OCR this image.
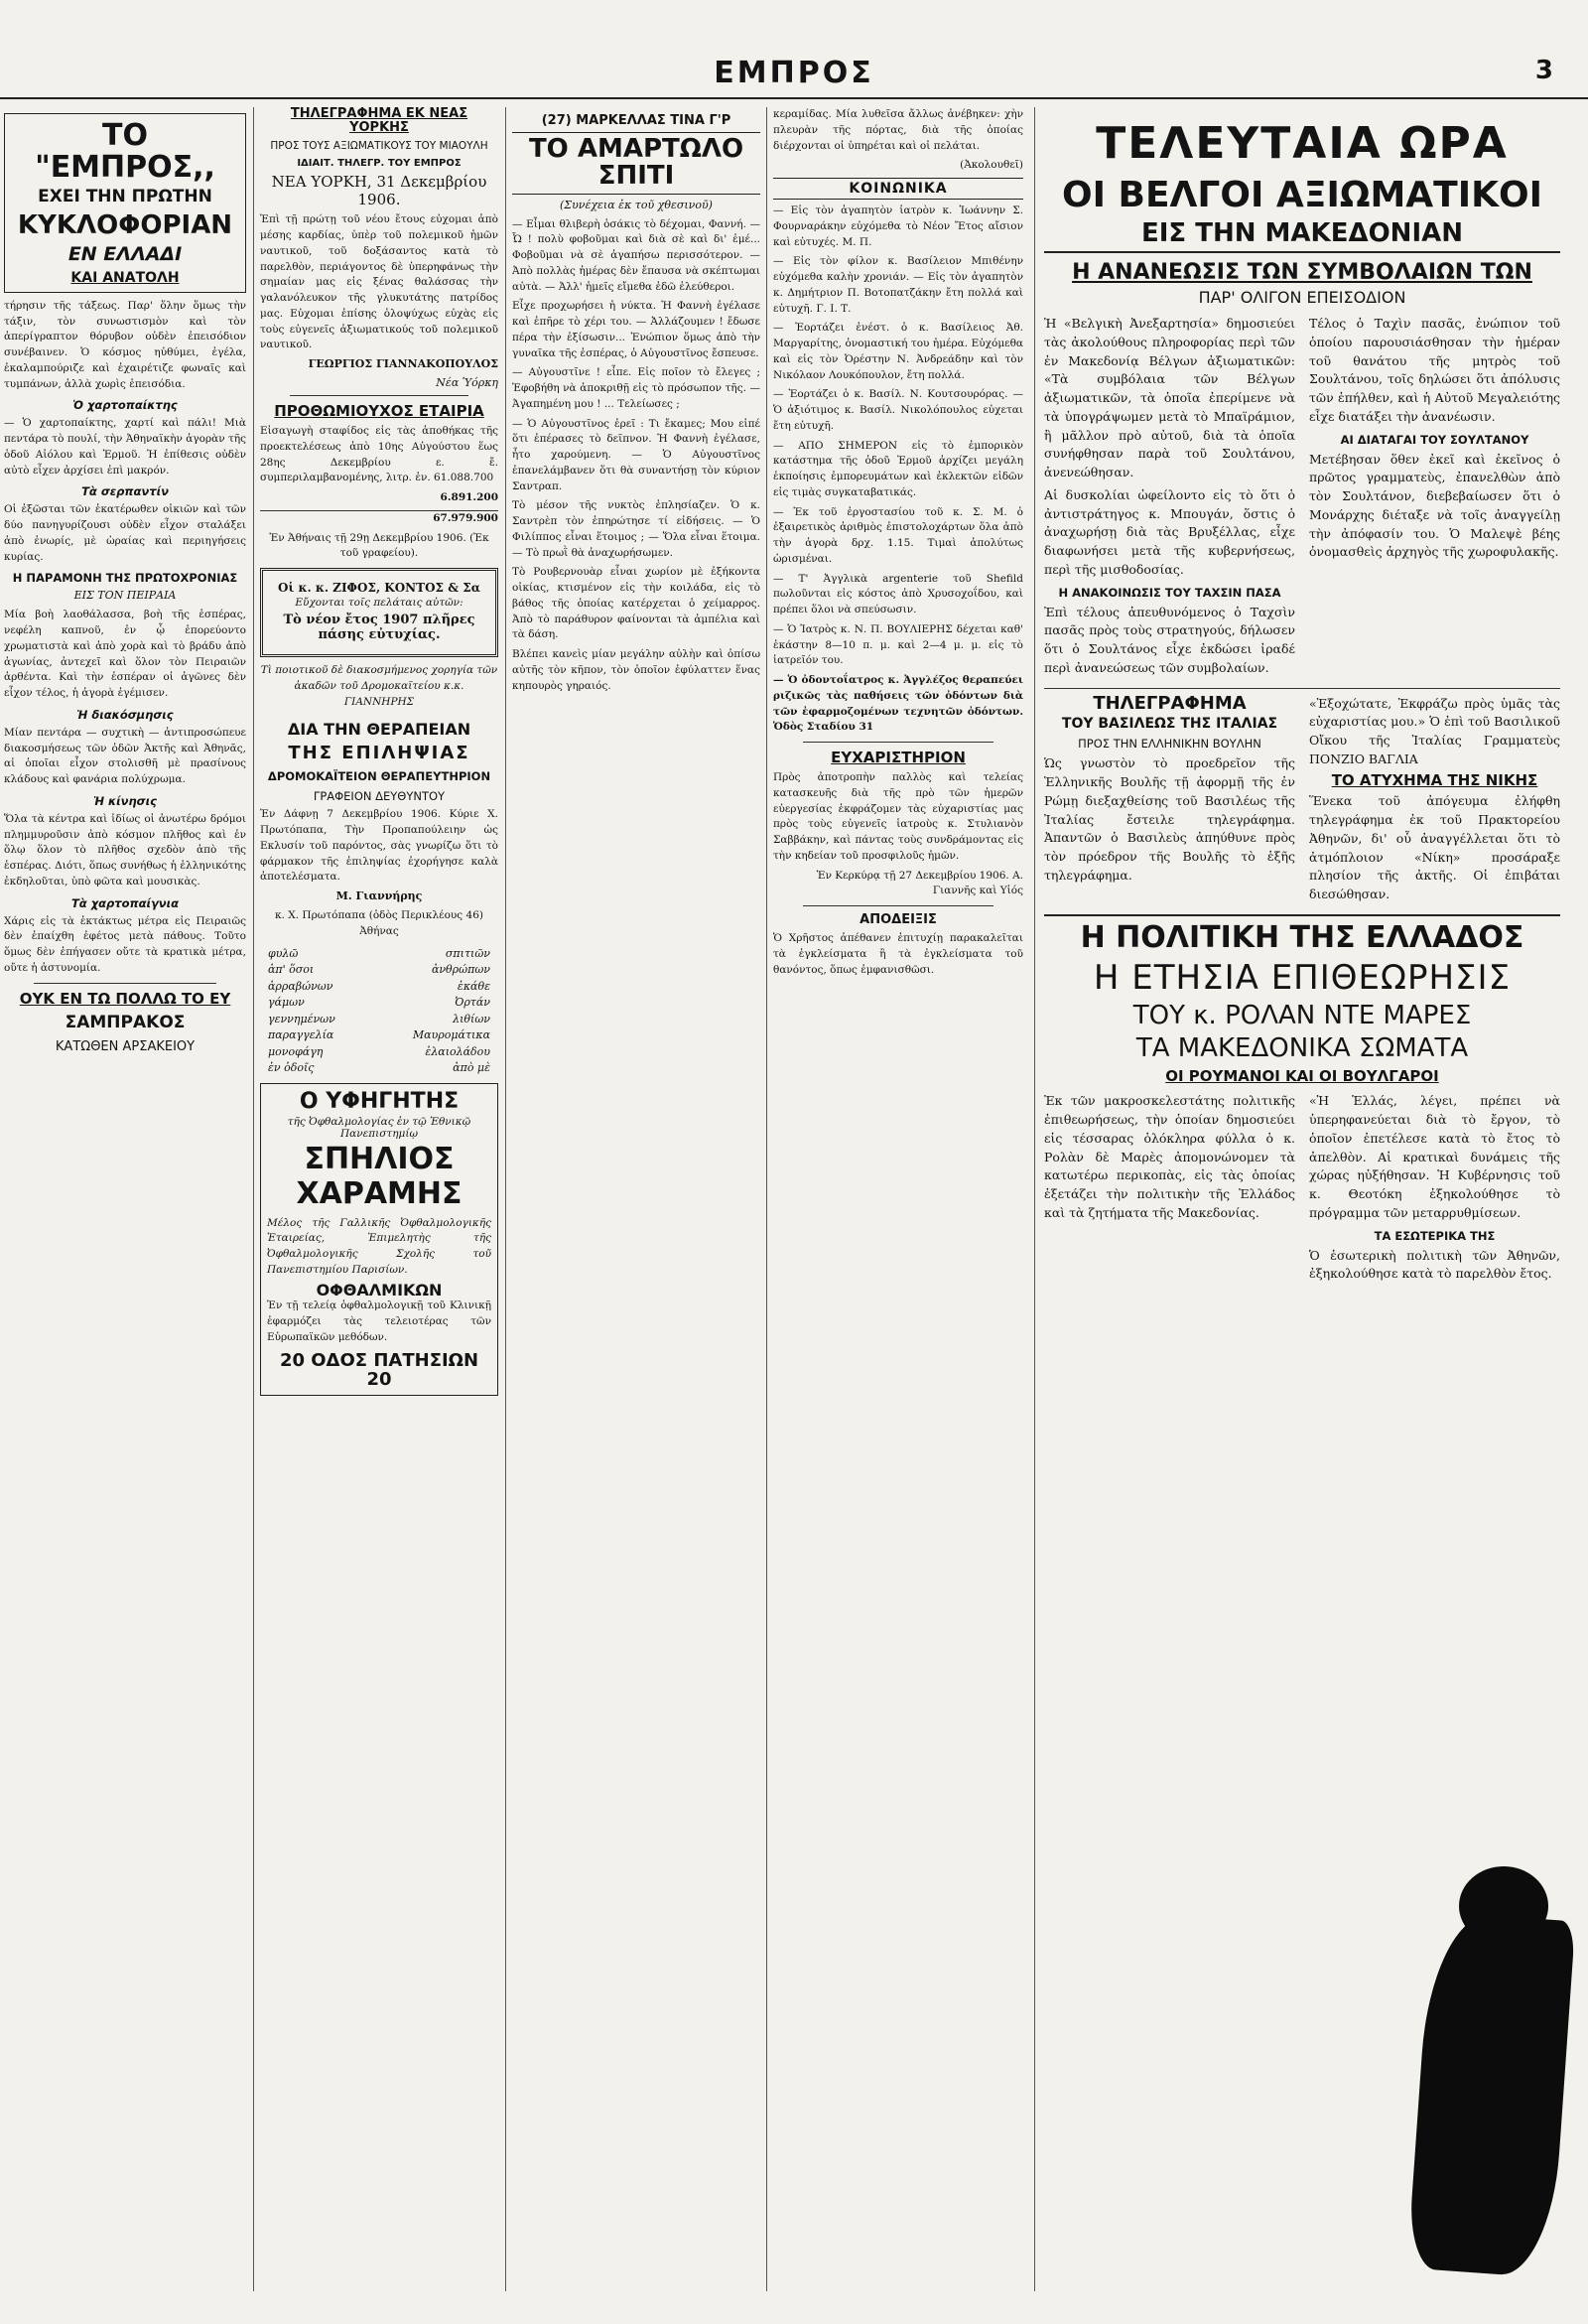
ΕΜΠΡΟΣ	3

ΤΟ "ΕΜΠΡΟΣ,,

ΕΧΕΙ ΤΗΝ ΠΡΩΤΗΝ

ΚΥΚΛΟΦΟΡΙΑΝ

ΕΝ ΕΛΛΑΔΙ

ΚΑΙ ΑΝΑΤΟΛΗ

τήρησιν τῆς τάξεως. Παρ' ὅλην ὅμως τὴν τάξιν, τὸν συνωστισμὸν καὶ τὸν ἀπερίγραπτον θόρυβον οὐδὲν ἐπεισόδιον συνέβαινεν. Ὁ κόσμος ηὐθύμει, ἐγέλα, ἐκαλαμπούριζε καὶ ἐχαιρέτιζε φωναῖς καὶ τυμπάνων, ἀλλὰ χωρὶς ἐπεισόδια.

Ὁ χαρτοπαίκτης

— Ὁ χαρτοπαίκτης, χαρτί καὶ πάλι! Μιὰ πεντάρα τὸ πουλί, τὴν Ἀθηναϊκὴν ἀγορὰν τῆς ὁδοῦ Αἰόλου καὶ Ἑρμοῦ. Ἡ ἐπίθεσις οὐδὲν αὐτὸ εἶχεν ἀρχίσει ἐπὶ μακρόν.

Τὰ σερπαντίν

Οἱ ἐξῶσται τῶν ἑκατέρωθεν οἰκιῶν καὶ τῶν δύο πανηγυρίζουσι οὐδὲν εἶχον σταλάξει ἀπὸ ἐνωρίς, μὲ ὡραίας καὶ περιηγήσεις κυρίας.

Η ΠΑΡΑΜΟΝΗ ΤΗΣ ΠΡΩΤΟΧΡΟΝΙΑΣ

ΕΙΣ ΤΟΝ ΠΕΙΡΑΙΑ

Μία βοὴ λαοθάλασσα, βοὴ τῆς ἑσπέρας, νεφέλη καπνοῦ, ἐν ᾧ ἐπορεύοντο χρωματιστὰ καὶ ἀπὸ χορὰ καὶ τὸ βράδυ ἀπὸ ἀγωνίας, ἀντεχεῖ καὶ ὅλον τὸν Πειραιῶν ἀρθέντα. Καὶ τὴν ἐσπέραν οἱ ἀγῶνες δὲν εἶχον τέλος, ἡ ἀγορὰ ἐγέμισεν.

Ἡ διακόσμησις

Μίαν πεντάρα — συχτικὴ — ἀντιπροσώπευε διακοσμήσεως τῶν ὁδῶν Ἀκτῆς καὶ Ἀθηνᾶς, αἱ ὁποῖαι εἶχον στολισθῆ μὲ πρασίνους κλάδους καὶ φανάρια πολύχρωμα.

Ἡ κίνησις

Ὅλα τὰ κέντρα καὶ ἰδίως οἱ ἀνωτέρω δρόμοι πλημμυροῦσιν ἀπὸ κόσμον πλῆθος καὶ ἐν ὅλῳ ὅλον τὸ πλῆθος σχεδὸν ἀπὸ τῆς ἑσπέρας. Διότι, ὅπως συνήθως ἡ ἑλληνικότης ἐκδηλοῦται, ὑπὸ φῶτα καὶ μουσικὰς.

Τὰ χαρτοπαίγνια

Χάρις εἰς τὰ ἐκτάκτως μέτρα εἰς Πειραιῶς δὲν ἐπαίχθη ἐφέτος μετὰ πάθους. Τοῦτο ὅμως δὲν ἐπήγασεν οὔτε τὰ κρατικὰ μέτρα, οὔτε ἡ ἀστυνομία.

ΟΥΚ ΕΝ ΤΩ ΠΟΛΛΩ ΤΟ ΕΥ

ΣΑΜΠΡΑΚΟΣ

ΚΑΤΩΘΕΝ ΑΡΣΑΚΕΙΟΥ

ΤΗΛΕΓΡΑΦΗΜΑ ΕΚ ΝΕΑΣ ΥΟΡΚΗΣ

ΠΡΟΣ ΤΟΥΣ ΑΞΙΩΜΑΤΙΚΟΥΣ ΤΟΥ ΜΙΑΟΥΛΗ

ΙΔΙΑΙΤ. ΤΗΛΕΓΡ. ΤΟΥ ΕΜΠΡΟΣ

ΝΕΑ ΥΟΡΚΗ, 31 Δεκεμβρίου 1906.

Ἐπὶ τῇ πρώτῃ τοῦ νέου ἔτους εὐχομαι ἀπὸ μέσης καρδίας, ὑπὲρ τοῦ πολεμικοῦ ἡμῶν ναυτικοῦ, τοῦ δοξάσαντος κατὰ τὸ παρελθὸν, περιάγοντος δὲ ὑπερηφάνως τὴν σημαίαν μας εἰς ξένας θαλάσσας τὴν γαλανόλευκον τῆς γλυκυτάτης πατρίδος μας. Εὐχομαι ἐπίσης ὁλοψύχως εὐχὰς εἰς τοὺς εὐγενεῖς ἀξιωματικούς τοῦ πολεμικοῦ ναυτικοῦ.

ΓΕΩΡΓΙΟΣ ΓΙΑΝΝΑΚΟΠΟΥΛΟΣ

Νέα Ὑόρκη

ΠΡΟΘΩΜΙΟΥΧΟΣ ΕΤΑΙΡΙΑ

Εἰσαγωγὴ σταφίδος εἰς τὰς ἀποθήκας τῆς προεκτελέσεως ἀπὸ 10ης Αὐγούστου ἕως 28ης Δεκεμβρίου ε. ἔ. συμπεριλαμβανομένης, λιτρ. ἐν. 61.088.700

6.891.200

67.979.900

Ἐν Ἀθήναις τῇ 29ῃ Δεκεμβρίου 1906. (Ἐκ τοῦ γραφείου).

Οἱ κ. κ. ΖΙΦΟΣ, ΚΟΝΤΟΣ & Σα

Εὔχονται τοῖς πελάταις αὐτῶν:

Τὸ νέον ἔτος 1907 πλῆρες πάσης εὐτυχίας.

Τὶ ποιοτικοῦ δὲ διακοσμήμενος χορηγία τῶν ἀκαδῶν τοῦ Δρομοκαϊτείου κ.κ. ΓΙΑΝΝΗΡΗΣ

ΔΙΑ ΤΗΝ ΘΕΡΑΠΕΙΑΝ

ΤΗΣ ΕΠΙΛΗΨΙΑΣ

ΔΡΟΜΟΚΑΪΤΕΙΟΝ ΘΕΡΑΠΕΥΤΗΡΙΟΝ

ΓΡΑΦΕΙΟΝ ΔΕΥΘΥΝΤΟΥ

Ἐν Δάφνῃ 7 Δεκεμβρίου 1906. Κύριε Χ. Πρωτόπαπα, Τὴν Προπαπούλειην ὡς Εκλυσίν τοῦ παρόντος, σὰς γνωρίζω ὅτι τὸ φάρμακον τῆς ἐπιληψίας ἐχορήγησε καλὰ ἀποτελέσματα.

Μ. Γιαννήρης

κ. Χ. Πρωτόπαπα (ὁδὸς Περικλέους 46) Ἀθήνας

φυλῶ	σπιτιῶν
ἀπ' ὅσοι	ἀνθρώπων
ἀρραβώνων	ἐκάθε
γάμων	Ὀρτάν
γεννημένων	λιθίων
παραγγελία	Μαυρομάτικα
μονοφάγη	ἐλαιολάδου
ἐν ὁδοῖς	ἀπὸ μὲ

Ο ΥΦΗΓΗΤΗΣ

τῆς Ὀφθαλμολογίας ἐν τῷ Ἐθνικῷ Πανεπιστημίῳ

ΣΠΗΛΙΟΣ

ΧΑΡΑΜΗΣ

Μέλος τῆς Γαλλικῆς Ὀφθαλμολογικῆς Ἑταιρείας, Ἐπιμελητὴς τῆς Ὀφθαλμολογικῆς Σχολῆς τοῦ Πανεπιστημίου Παρισίων.

ΟΦΘΑΛΜΙΚΩΝ

Ἐν τῇ τελείᾳ ὀφθαλμολογικῇ τοῦ Κλινικῇ ἐφαρμόζει τὰς τελειοτέρας τῶν Εὐρωπαϊκῶν μεθόδων.

20 ΟΔΟΣ ΠΑΤΗΣΙΩΝ 20

(27) ΜΑΡΚΕΛΛΑΣ ΤΙΝΑ Γ'Ρ

ΤΟ ΑΜΑΡΤΩΛΟ ΣΠΙΤΙ

(Συνέχεια ἐκ τοῦ χθεσινοῦ)

— Εἶμαι θλιβερὴ ὁσάκις τὸ δέχομαι, Φαννή. — Ὦ ! πολὺ φοβοῦμαι καὶ διὰ σὲ καὶ δι' ἐμέ... Φοβοῦμαι νὰ σὲ ἀγαπήσω περισσότερον. — Ἀπὸ πολλὰς ἡμέρας δὲν ἔπαυσα νὰ σκέπτωμαι αὐτὰ. — Ἀλλ' ἡμεῖς εἴμεθα ἐδῶ ἐλεύθεροι.

Εἶχε προχωρήσει ἡ νύκτα. Ἡ Φαννὴ ἐγέλασε καὶ ἐπῆρε τὸ χέρι του. — Ἀλλάζουμεν ! ἔδωσε πέρα τὴν ἐξίσωσιν... Ἐνώπιον ὅμως ἀπὸ τὴν γυναῖκα τῆς ἐσπέρας, ὁ Αὐγουστῖνος ἔσπευσε.

— Αὐγουστῖνε ! εἶπε. Εἰς ποῖον τὸ ἔλεγες ; Ἐφοβήθη νὰ ἀποκριθῇ εἰς τὸ πρόσωπον τῆς. — Ἀγαπημένη μου ! ... Τελείωσες ;

— Ὁ Αὐγουστῖνος ἐρεῖ : Τι ἔκαμες; Μου εἰπέ ὅτι ἐπέρασες τὸ δεῖπνον. Ἡ Φαννὴ ἐγέλασε, ἦτο χαρούμενη. — Ὁ Αὐγουστῖνος ἐπανελάμβανεν ὅτι θὰ συναντήσῃ τὸν κύριον Σαντραπ.

Τὸ μέσον τῆς νυκτὸς ἐπλησίαζεν. Ὁ κ. Σαντρὲπ τὸν ἐπηρώτησε τί εἰδήσεις. — Ὁ Φιλίππος εἶναι ἕτοιμος ; — Ὅλα εἶναι ἕτοιμα. — Τὸ πρωῒ θὰ ἀναχωρήσωμεν.

Τὸ Ρουβερνουὰρ εἶναι χωρίον μὲ ἐξήκοντα οἰκίας, κτισμένον εἰς τὴν κοιλάδα, εἰς τὸ βάθος τῆς ὁποίας κατέρχεται ὁ χείμαρρος. Ἀπὸ τὸ παράθυρον φαίνονται τὰ ἀμπέλια καὶ τὰ δάση.

Βλέπει κανεὶς μίαν μεγάλην αὐλὴν καὶ ὀπίσω αὐτῆς τὸν κῆπον, τὸν ὁποῖον ἐφύλαττεν ἕνας κηπουρὸς γηραιός.

κεραμίδας. Μία λυθεῖσα ἄλλως ἀνέβηκεν: χὴν πλευρὰν τῆς πόρτας, διὰ τῆς ὁποίας διέρχονται οἱ ὑπηρέται καὶ οἱ πελάται.

(Ἀκολουθεῖ)

ΚΟΙΝΩΝΙΚΑ

— Εἰς τὸν ἀγαπητὸν ἰατρὸν κ. Ἰωάννην Σ. Φουρναράκην εὐχόμεθα τὸ Νέον Ἔτος αἴσιον καὶ εὐτυχές. Μ. Π.

— Εἰς τὸν φίλον κ. Βασίλειον Μπιθένην εὐχόμεθα καλὴν χρονιάν. — Εἰς τὸν ἀγαπητὸν κ. Δημήτριον Π. Βοτοπατζάκην ἔτη πολλά καὶ εὐτυχῆ. Γ. Ι. Τ.

— Ἑορτάζει ἐνέστ. ὁ κ. Βασίλειος Ἀθ. Μαργαρίτης, ὀνομαστική του ἡμέρα. Εὐχόμεθα καὶ εἰς τὸν Ὀρέστην Ν. Ἀνδρεάδην καὶ τὸν Νικόλαον Λουκόπουλον, ἔτη πολλά.

— Ἑορτάζει ὁ κ. Βασίλ. Ν. Κουτσουρόρας. — Ὁ ἀξιότιμος κ. Βασίλ. Νικολόπουλος εὐχεται ἔτη εὐτυχῆ.

— ΑΠΟ ΣΗΜΕΡΟΝ εἰς τὸ ἐμπορικὸν κατάστημα τῆς ὁδοῦ Ἑρμοῦ ἀρχίζει μεγάλη ἐκποίησις ἐμπορευμάτων καὶ ἐκλεκτῶν εἰδῶν εἰς τιμὰς συγκαταβατικάς.

— Ἐκ τοῦ ἐργοστασίου τοῦ κ. Σ. Μ. ὁ ἐξαιρετικὸς ἀριθμὸς ἐπιστολοχάρτων ὅλα ἀπὸ τὴν ἀγορὰ δρχ. 1.15. Τιμαὶ ἀπολύτως ὡρισμέναι.

— Τ' Ἀγγλικὰ argenterie τοῦ Shefild πωλοῦνται εἰς κόστος ἀπὸ Χρυσοχοΐδου, καὶ πρέπει ὅλοι νὰ σπεύσωσιν.

— Ὁ Ἰατρὸς κ. Ν. Π. ΒΟΥΛΙΕΡΗΣ δέχεται καθ' ἑκάστην 8—10 π. μ. καὶ 2—4 μ. μ. εἰς τὸ ἰατρεῖόν του.

— Ὁ ὀδοντοΐατρος κ. Ἀγγλέζος θεραπεύει ριζικῶς τὰς παθήσεις τῶν ὀδόντων διὰ τῶν ἐφαρμοζομένων τεχνητῶν ὀδόντων. Ὁδὸς Σταδίου 31

ΕΥΧΑΡΙΣΤΗΡΙΟΝ

Πρὸς ἀποτροπὴν παλλὸς καὶ τελείας κατασκευῆς διὰ τῆς πρὸ τῶν ἡμερῶν εὐεργεσίας ἐκφράζομεν τὰς εὐχαριστίας μας πρὸς τοὺς εὐγενεῖς ἱατροὺς κ. Στυλιανὸν Σαββάκην, καὶ πάντας τοὺς συνδράμοντας εἰς τὴν κηδείαν τοῦ προσφιλοῦς ἡμῶν.

Ἐν Κερκύρᾳ τῇ 27 Δεκεμβρίου 1906. Α. Γιαννῆς καὶ Υἱός

ΑΠΟΔΕΙΞΙΣ

Ὁ Χρῆστος ἀπέθανεν ἐπιτυχίῃ παρακαλεῖται τὰ ἐγκλείσματα ἢ τὰ ἐγκλείσματα τοῦ θανόντος, ὅπως ἐμφανισθῶσι.

ΤΕΛΕΥΤΑΙΑ ΩΡΑ

ΟΙ ΒΕΛΓΟΙ ΑΞΙΩΜΑΤΙΚΟΙ

ΕΙΣ ΤΗΝ ΜΑΚΕΔΟΝΙΑΝ

Η ΑΝΑΝΕΩΣΙΣ ΤΩΝ ΣΥΜΒΟΛΑΙΩΝ ΤΩΝ

ΠΑΡ' ΟΛΙΓΟΝ ΕΠΕΙΣΟΔΙΟΝ

Ἡ «Βελγικὴ Ἀνεξαρτησία» δημοσιεύει τὰς ἀκολούθους πληροφορίας περὶ τῶν ἐν Μακεδονίᾳ Βέλγων ἀξιωματικῶν: «Τὰ συμβόλαια τῶν Βέλγων ἀξιωματικῶν, τὰ ὁποῖα ἐπερίμενε νὰ τὰ ὑπογράψωμεν μετὰ τὸ Μπαϊράμιον, ἢ μᾶλλον πρὸ αὐτοῦ, διὰ τὰ ὁποῖα συνήφθησαν παρὰ τοῦ Σουλτάνου, ἀνενεώθησαν.

Αἱ δυσκολίαι ὠφείλοντο εἰς τὸ ὅτι ὁ ἀντιστράτηγος κ. Μπουγάν, ὅστις ὁ ἀναχωρήσῃ διὰ τὰς Βρυξέλλας, εἶχε διαφωνήσει μετὰ τῆς κυβερνήσεως, περὶ τῆς μισθοδοσίας.

Η ΑΝΑΚΟΙΝΩΣΙΣ ΤΟΥ ΤΑΧΣΙΝ ΠΑΣΑ

Ἐπὶ τέλους ἀπευθυνόμενος ὁ Ταχσὶν πασᾶς πρὸς τοὺς στρατηγούς, δήλωσεν ὅτι ὁ Σουλτάνος εἶχε ἐκδώσει ἰραδέ περὶ ἀνανεώσεως τῶν συμβολαίων.

Τέλος ὁ Ταχὶν πασᾶς, ἐνώπιον τοῦ ὁποίου παρουσιάσθησαν τὴν ἡμέραν τοῦ θανάτου τῆς μητρὸς τοῦ Σουλτάνου, τοῖς δηλώσει ὅτι ἀπόλυσις τῶν ἐπήλθεν, καὶ ἡ Αὐτοῦ Μεγαλειότης εἶχε διατάξει τὴν ἀνανέωσιν.

ΑΙ ΔΙΑΤΑΓΑΙ ΤΟΥ ΣΟΥΛΤΑΝΟΥ

Μετέβησαν ὅθεν ἐκεῖ καὶ ἐκεῖνος ὁ πρῶτος γραμματεὺς, ἐπανελθὼν ἀπὸ τὸν Σουλτάνον, διεβεβαίωσεν ὅτι ὁ Μονάρχης διέταξε νὰ τοῖς ἀναγγείλῃ τὴν ἀπόφασίν του. Ὁ Μαλεψὲ βέης ὀνομασθεὶς ἀρχηγὸς τῆς χωροφυλακῆς.

ΤΗΛΕΓΡΑΦΗΜΑ

ΤΟΥ ΒΑΣΙΛΕΩΣ ΤΗΣ ΙΤΑΛΙΑΣ

ΠΡΟΣ ΤΗΝ ΕΛΛΗΝΙΚΗΝ ΒΟΥΛΗΝ

Ὡς γνωστὸν τὸ προεδρεῖον τῆς Ἑλληνικῆς Βουλῆς τῇ ἀφορμῇ τῆς ἐν Ρώμῃ διεξαχθείσης τοῦ Βασιλέως τῆς Ἰταλίας ἔστειλε τηλεγράφημα. Ἀπαντῶν ὁ Βασιλεὺς ἀπηύθυνε πρὸς τὸν πρόεδρον τῆς Βουλῆς τὸ ἑξῆς τηλεγράφημα.

«Ἐξοχώτατε, Ἐκφράζω πρὸς ὑμᾶς τὰς εὐχαριστίας μου.» Ὁ ἐπὶ τοῦ Βασιλικοῦ Οἴκου τῆς Ἰταλίας Γραμματεὺς ΠΟΝΖΙΟ ΒΑΓΛΙΑ

ΤΟ ΑΤΥΧΗΜΑ ΤΗΣ ΝΙΚΗΣ

Ἕνεκα τοῦ ἀπόγευμα ἐλήφθη τηλεγράφημα ἐκ τοῦ Πρακτορείου Ἀθηνῶν, δι' οὗ ἀναγγέλλεται ὅτι τὸ ἀτμόπλοιον «Νίκη» προσάραξε πλησίον τῆς ἀκτῆς. Οἱ ἐπιβάται διεσώθησαν.

Η ΠΟΛΙΤΙΚΗ ΤΗΣ ΕΛΛΑΔΟΣ

Η ΕΤΗΣΙΑ ΕΠΙΘΕΩΡΗΣΙΣ

ΤΟΥ κ. ΡΟΛΑΝ ΝΤΕ ΜΑΡΕΣ

ΤΑ ΜΑΚΕΔΟΝΙΚΑ ΣΩΜΑΤΑ

ΟΙ ΡΟΥΜΑΝΟΙ ΚΑΙ ΟΙ ΒΟΥΛΓΑΡΟΙ

Ἐκ τῶν μακροσκελεστάτης πολιτικῆς ἐπιθεωρήσεως, τὴν ὁποίαν δημοσιεύει εἰς τέσσαρας ὁλόκληρα φύλλα ὁ κ. Ρολὰν δὲ Μαρὲς ἀπομονώνομεν τὰ κατωτέρω περικοπὰς, εἰς τὰς ὁποίας ἐξετάζει τὴν πολιτικὴν τῆς Ἑλλάδος καὶ τὰ ζητήματα τῆς Μακεδονίας.

«Ἡ Ἑλλάς, λέγει, πρέπει νὰ ὑπερηφανεύεται διὰ τὸ ἔργον, τὸ ὁποῖον ἐπετέλεσε κατὰ τὸ ἔτος τὸ ἀπελθὸν. Αἱ κρατικαὶ δυνάμεις τῆς χώρας ηὐξήθησαν. Ἡ Κυβέρνησις τοῦ κ. Θεοτόκη ἐξηκολούθησε τὸ πρόγραμμα τῶν μεταρρυθμίσεων.

ΤΑ ΕΣΩΤΕΡΙΚΑ ΤΗΣ

Ὁ ἐσωτερικὴ πολιτικὴ τῶν Ἀθηνῶν, ἐξηκολούθησε κατὰ τὸ παρελθὸν ἔτος.
